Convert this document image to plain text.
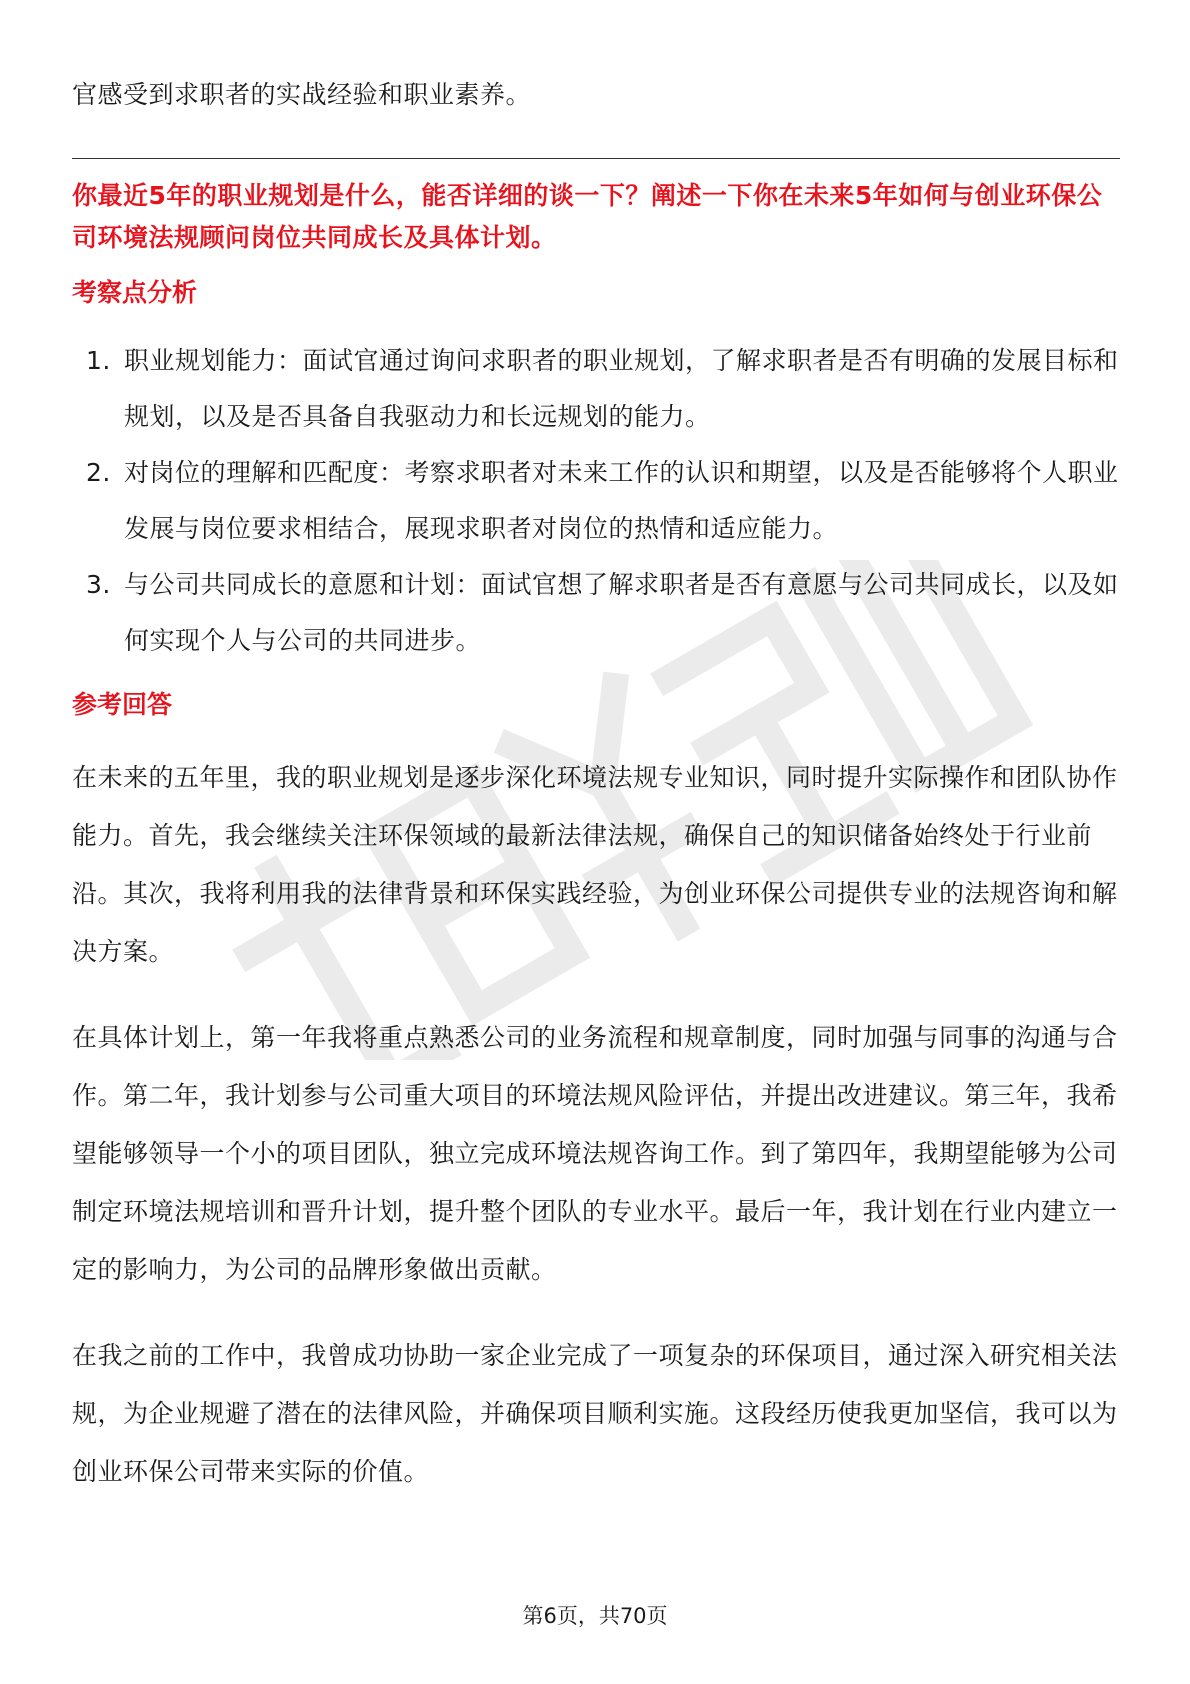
官感受到求职者的实战经验和职业素养。

你最近5年的职业规划是什么，能否详细的谈一下？阐述一下你在未来5年如何与创业环保公司环境法规顾问岗位共同成长及具体计划。

考察点分析
1. 职业规划能力：面试官通过询问求职者的职业规划，了解求职者是否有明确的发展目标和规划，以及是否具备自我驱动力和长远规划的能力。
2. 对岗位的理解和匹配度：考察求职者对未来工作的认识和期望，以及是否能够将个人职业发展与岗位要求相结合，展现求职者对岗位的热情和适应能力。
3. 与公司共同成长的意愿和计划：面试官想了解求职者是否有意愿与公司共同成长，以及如何实现个人与公司的共同进步。
参考回答

在未来的五年里，我的职业规划是逐步深化环境法规专业知识，同时提升实际操作和团队协作能力。首先，我会继续关注环保领域的最新法律法规，确保自己的知识储备始终处于行业前沿。其次，我将利用我的法律背景和环保实践经验，为创业环保公司提供专业的法规咨询和解决方案。

在具体计划上，第一年我将重点熟悉公司的业务流程和规章制度，同时加强与同事的沟通与合作。第二年，我计划参与公司重大项目的环境法规风险评估，并提出改进建议。第三年，我希望能够领导一个小的项目团队，独立完成环境法规咨询工作。到了第四年，我期望能够为公司制定环境法规培训和晋升计划，提升整个团队的专业水平。最后一年，我计划在行业内建立一定的影响力，为公司的品牌形象做出贡献。

在我之前的工作中，我曾成功协助一家企业完成了一项复杂的环保项目，通过深入研究相关法规，为企业规避了潜在的法律风险，并确保项目顺利实施。这段经历使我更加坚信，我可以为创业环保公司带来实际的价值。

第6页，共70页
